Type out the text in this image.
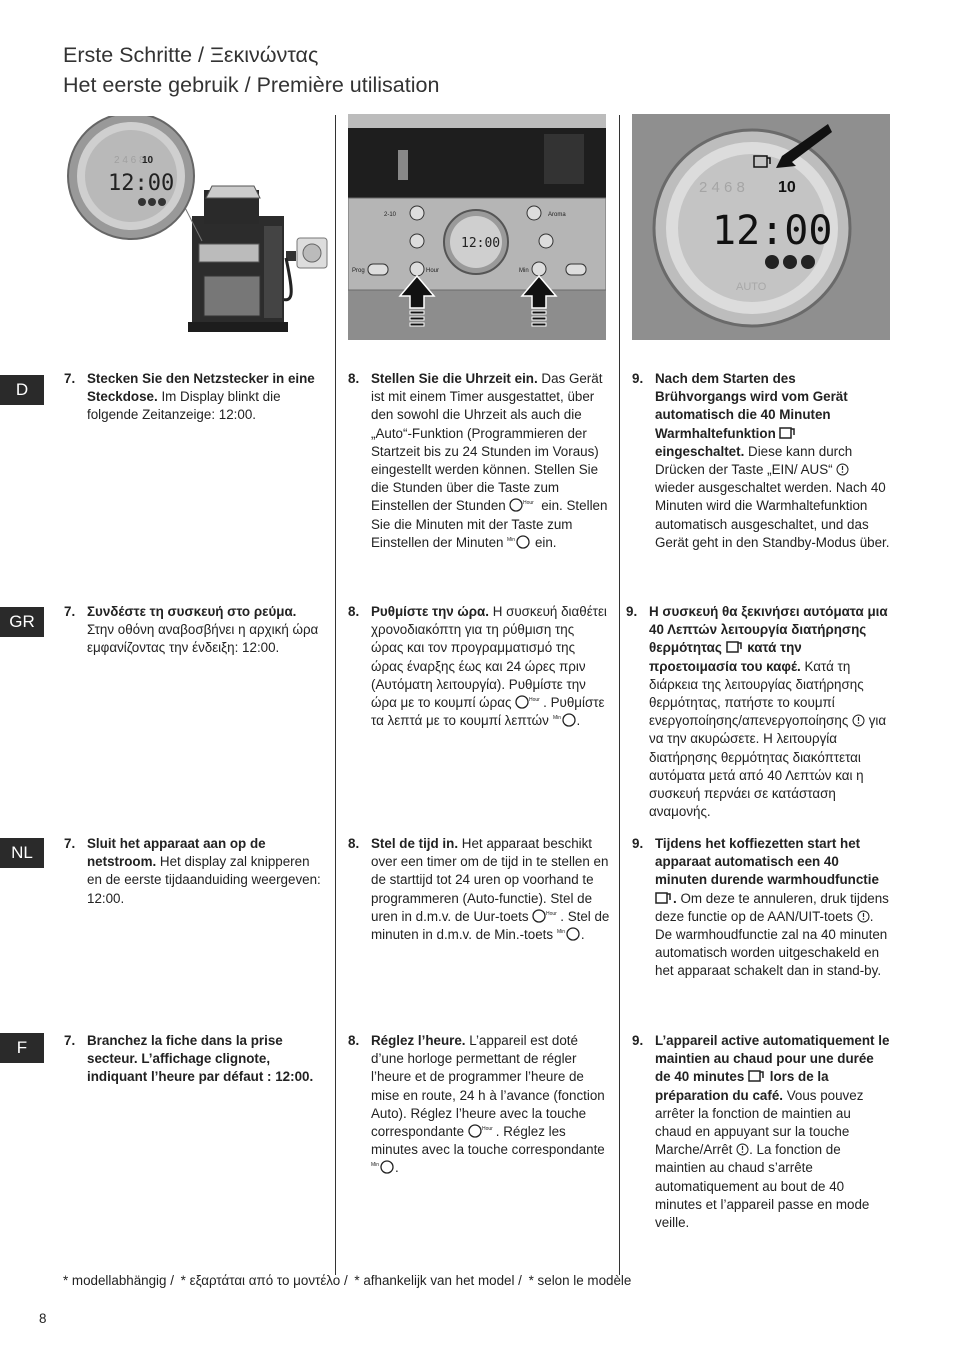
Erste Schritte / Ξεκινώντας
Het eerste gebruik / Première utilisation
2 4 6 8
10
12:00
12:00
2-10	Aroma
Prog	Hour	Min
2 4 6 8 10
12:00
AUTO
D
GR
NL
F
7. Stecken Sie den Netzstecker in eine Steckdose. Im Display blinkt die folgende Zeitanzeige: 12:00.
8. Stellen Sie die Uhrzeit ein. Das Gerät ist mit einem Timer ausgestattet, über den sowohl die Uhrzeit als auch die „Auto“-Funktion (Programmieren der Startzeit bis zu 24 Stunden im Voraus) eingestellt werden können. Stellen Sie die Stunden über die Taste zum Einstellen der Stunden	Hour ein. Stellen Sie die Minuten mit der Taste zum Einstellen der Minuten Min ein.
9. Nach dem Starten des Brühvorgangs wird vom Gerät automatisch die 40 Minuten Warmhaltefunktion  eingeschaltet. Diese kann durch Drücken der Taste „EIN/ AUS“  wieder ausgeschaltet werden. Nach 40 Minuten wird die Warmhaltefunktion automatisch ausgeschaltet, und das Gerät geht in den Standby-Modus über.
7. Συνδέστε τη συσκευή στο ρεύμα. Στην οθόνη αναβοσβήνει η αρχική ώρα εμφανίζοντας την ένδειξη: 12:00.
8. Ρυθμίστε την ώρα. Η συσκευή διαθέτει χρονοδιακόπτη για τη ρύθμιση της ώρας και τον προγραμματισμό της ώρας έναρξης έως και 24 ώρες πριν (Αυτόματη λειτουργία). Ρυθμίστε την ώρα με το κουμπί ώρας	Hour . Ρυθμίστε τα λεπτά με το κουμπί λεπτών Min .
9. Η συσκευή θα ξεκινήσει αυτόματα μια 40 Λεπτών λειτουργία διατήρησης θερμότητας  κατά την προετοιμασία του καφέ. Κατά τη διάρκεια της λειτουργίας διατήρησης θερμότητας, πατήστε το κουμπί ενεργοποίησης/απενεργοποίησης  για να την ακυρώσετε. Η λειτουργία διατήρησης θερμότητας διακόπτεται αυτόματα μετά από 40 Λεπτών και η συσκευή περνάει σε κατάσταση αναμονής.
7. Sluit het apparaat aan op de netstroom. Het display zal knipperen en de eerste tijdaanduiding weergeven: 12:00.
8. Stel de tijd in. Het apparaat beschikt over een timer om de tijd in te stellen en de starttijd tot 24 uren op voorhand te programmeren (Auto-functie). Stel de uren in d.m.v. de Uur-toets	Hour . Stel de minuten in d.m.v. de Min.-toets Min .
9. Tijdens het koffiezetten start het apparaat automatisch een 40 minuten durende warmhoudfunctie . Om deze te annuleren, druk tijdens deze functie op de AAN/UIT-toets . De warmhoudfunctie zal na 40 minuten automatisch worden uitgeschakeld en het apparaat schakelt dan in stand-by.
7. Branchez la fiche dans la prise secteur. L’affichage clignote, indiquant l’heure par défaut : 12:00.
8. Réglez l’heure. L’appareil est doté d’une horloge permettant de régler l’heure et de programmer l’heure de mise en route, 24 h à l’avance (fonction Auto). Réglez l’heure avec la touche correspondante	Hour . Réglez les minutes avec la touche correspondante
Min .
9. L’appareil active automatiquement le maintien au chaud pour une durée de 40 minutes  lors de la préparation du café. Vous pouvez arrêter la fonction de maintien au chaud en appuyant sur la touche Marche/Arrêt . La fonction de maintien au chaud s’arrête automatiquement au bout de 40 minutes et l’appareil passe en mode veille.
* modellabhängig / * εξαρτάται από το μοντέλο / * afhankelijk van het model / * selon le modèle
8
